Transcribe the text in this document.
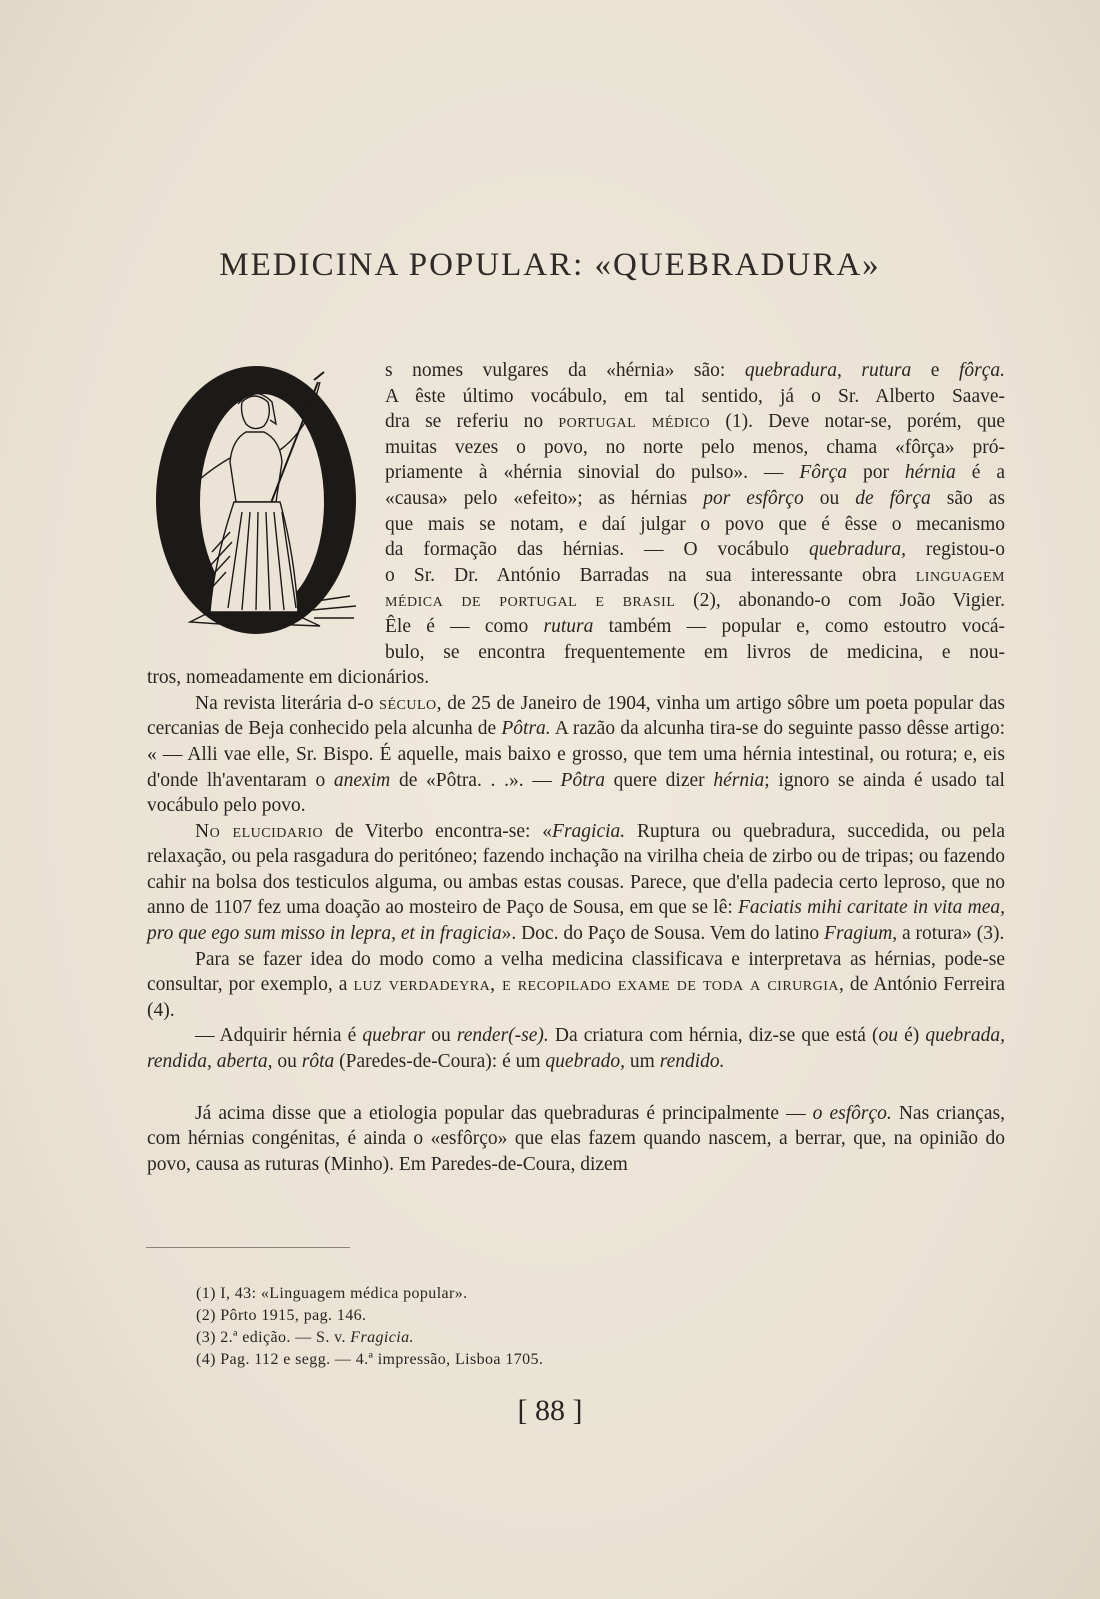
MEDICINA POPULAR: «QUEBRADURA»
s nomes vulgares da «hérnia» são: quebradura, rutura e fôrça.
A êste último vocábulo, em tal sentido, já o Sr. Alberto Saave-
dra se referiu no portugal médico (1). Deve notar-se, porém, que
muitas vezes o povo, no norte pelo menos, chama «fôrça» pró-
priamente à «hérnia sinovial do pulso». — Fôrça por hérnia é a
«causa» pelo «efeito»; as hérnias por esfôrço ou de fôrça são as
que mais se notam, e daí julgar o povo que é êsse o mecanismo
da formação das hérnias. — O vocábulo quebradura, registou-o
o Sr. Dr. António Barradas na sua interessante obra linguagem
médica de portugal e brasil (2), abonando-o com João Vigier.
Êle é — como rutura também — popular e, como estoutro vocá-
bulo, se encontra frequentemente em livros de medicina, e nou-
tros, nomeadamente em dicionários.

Na revista literária d-o século, de 25 de Janeiro de 1904, vinha um artigo sôbre um poeta popular das cercanias de Beja conhecido pela alcunha de Pôtra. A razão da alcunha tira-se do seguinte passo dêsse artigo: « — Alli vae elle, Sr. Bispo. É aquelle, mais baixo e grosso, que tem uma hérnia intestinal, ou rotura; e, eis d'onde lh'aventaram o anexim de «Pôtra. . .». — Pôtra quere dizer hérnia; ignoro se ainda é usado tal vocábulo pelo povo.

No elucidario de Viterbo encontra-se: «Fragicia. Ruptura ou quebradura, succedida, ou pela relaxação, ou pela rasgadura do peritóneo; fazendo inchação na virilha cheia de zirbo ou de tripas; ou fazendo cahir na bolsa dos testiculos alguma, ou ambas estas cousas. Parece, que d'ella padecia certo leproso, que no anno de 1107 fez uma doação ao mosteiro de Paço de Sousa, em que se lê: Faciatis mihi caritate in vita mea, pro que ego sum misso in lepra, et in fragicia». Doc. do Paço de Sousa. Vem do latino Fragium, a rotura» (3).

Para se fazer idea do modo como a velha medicina classificava e interpretava as hérnias, pode-se consultar, por exemplo, a luz verdadeyra, e recopilado exame de toda a cirurgia, de António Ferreira (4).

— Adquirir hérnia é quebrar ou render(-se). Da criatura com hérnia, diz-se que está (ou é) quebrada, rendida, aberta, ou rôta (Paredes-de-Coura): é um quebrado, um rendido.

Já acima disse que a etiologia popular das quebraduras é principalmente — o esfôrço. Nas crianças, com hérnias congénitas, é ainda o «esfôrço» que elas fazem quando nascem, a berrar, que, na opinião do povo, causa as ruturas (Minho). Em Paredes-de-Coura, dizem

(1) I, 43: «Linguagem médica popular».
(2) Pôrto 1915, pag. 146.
(3) 2.ª edição. — S. v. Fragicia.
(4) Pag. 112 e segg. — 4.ª impressão, Lisboa 1705.
[ 88 ]
